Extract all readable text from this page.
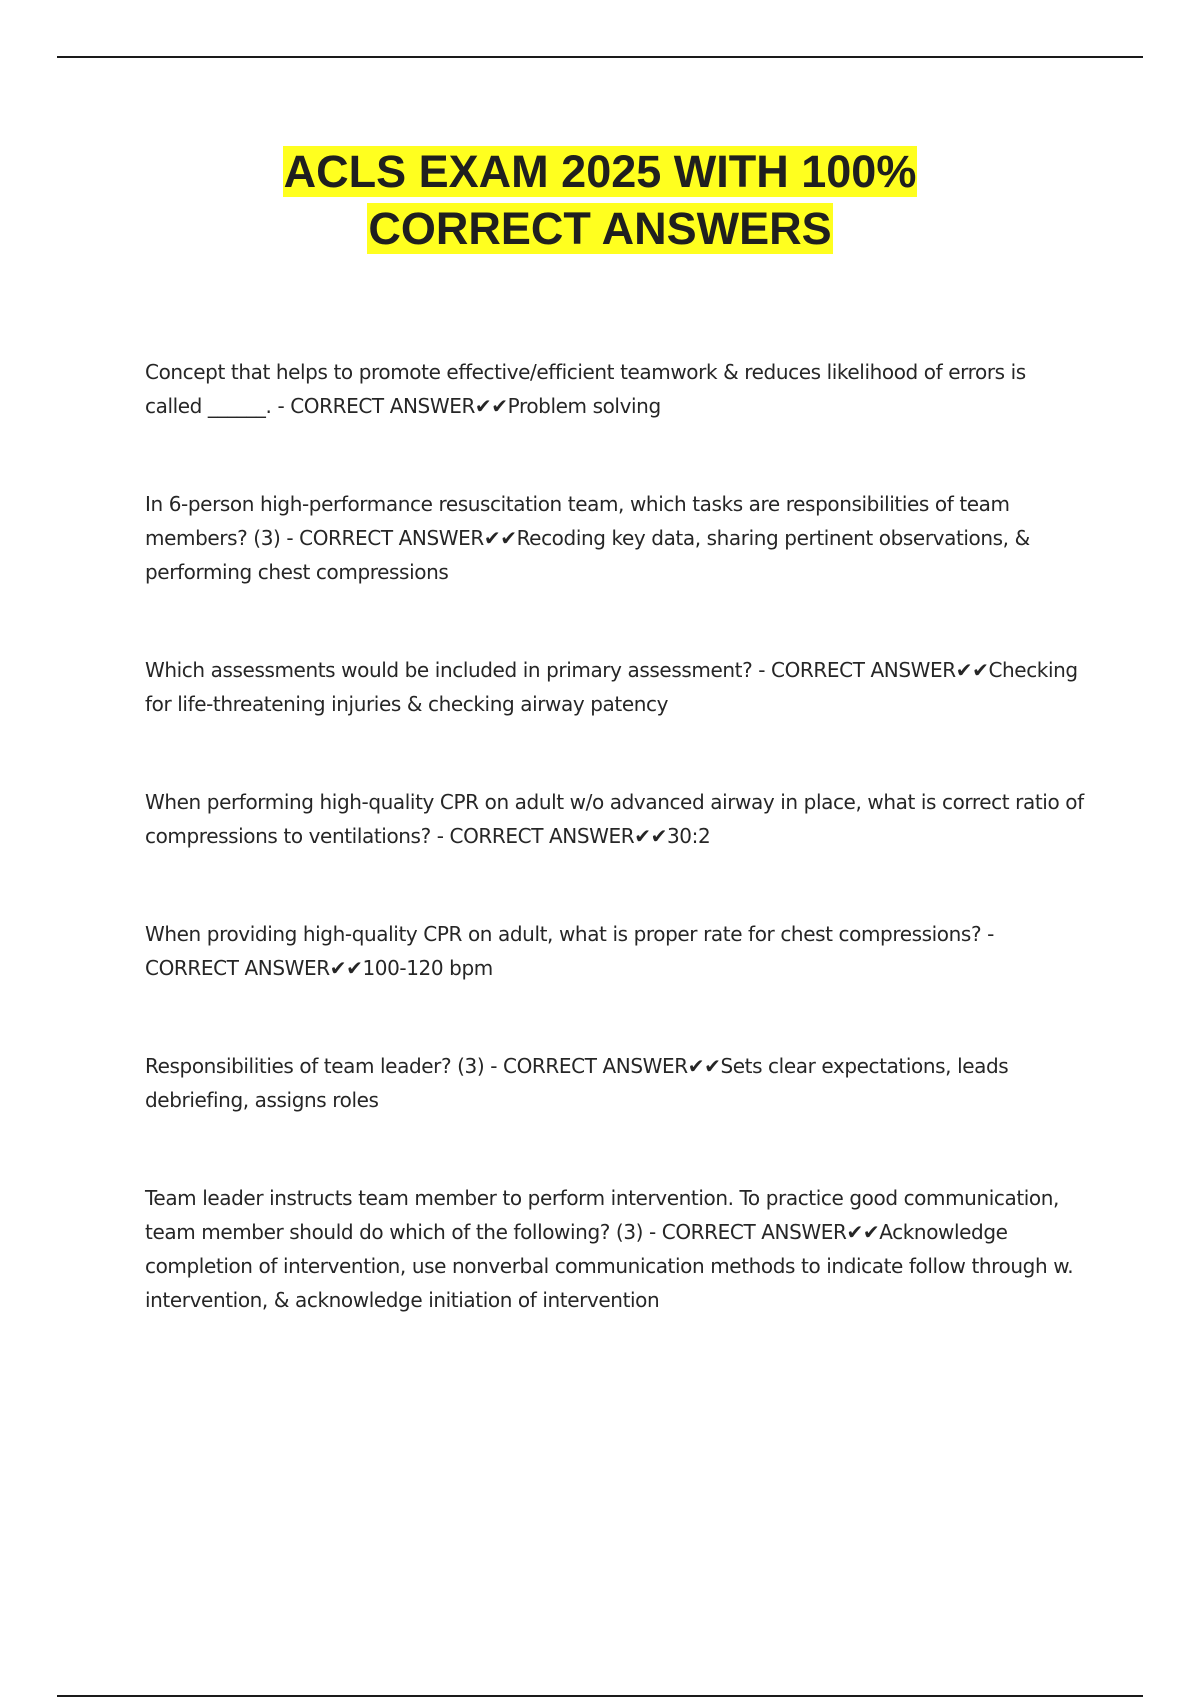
ACLS EXAM 2025 WITH 100%
CORRECT ANSWERS
Concept that helps to promote effective/efficient teamwork & reduces likelihood of errors is called ______. - CORRECT ANSWER✔✔Problem solving
In 6-person high-performance resuscitation team, which tasks are responsibilities of team members? (3) - CORRECT ANSWER✔✔Recoding key data, sharing pertinent observations, & performing chest compressions
Which assessments would be included in primary assessment? - CORRECT ANSWER✔✔Checking for life-threatening injuries & checking airway patency
When performing high-quality CPR on adult w/o advanced airway in place, what is correct ratio of compressions to ventilations? - CORRECT ANSWER✔✔30:2
When providing high-quality CPR on adult, what is proper rate for chest compressions? - CORRECT ANSWER✔✔100-120 bpm
Responsibilities of team leader? (3) - CORRECT ANSWER✔✔Sets clear expectations, leads debriefing, assigns roles
Team leader instructs team member to perform intervention. To practice good communication, team member should do which of the following? (3) - CORRECT ANSWER✔✔Acknowledge completion of intervention, use nonverbal communication methods to indicate follow through w. intervention, & acknowledge initiation of intervention
